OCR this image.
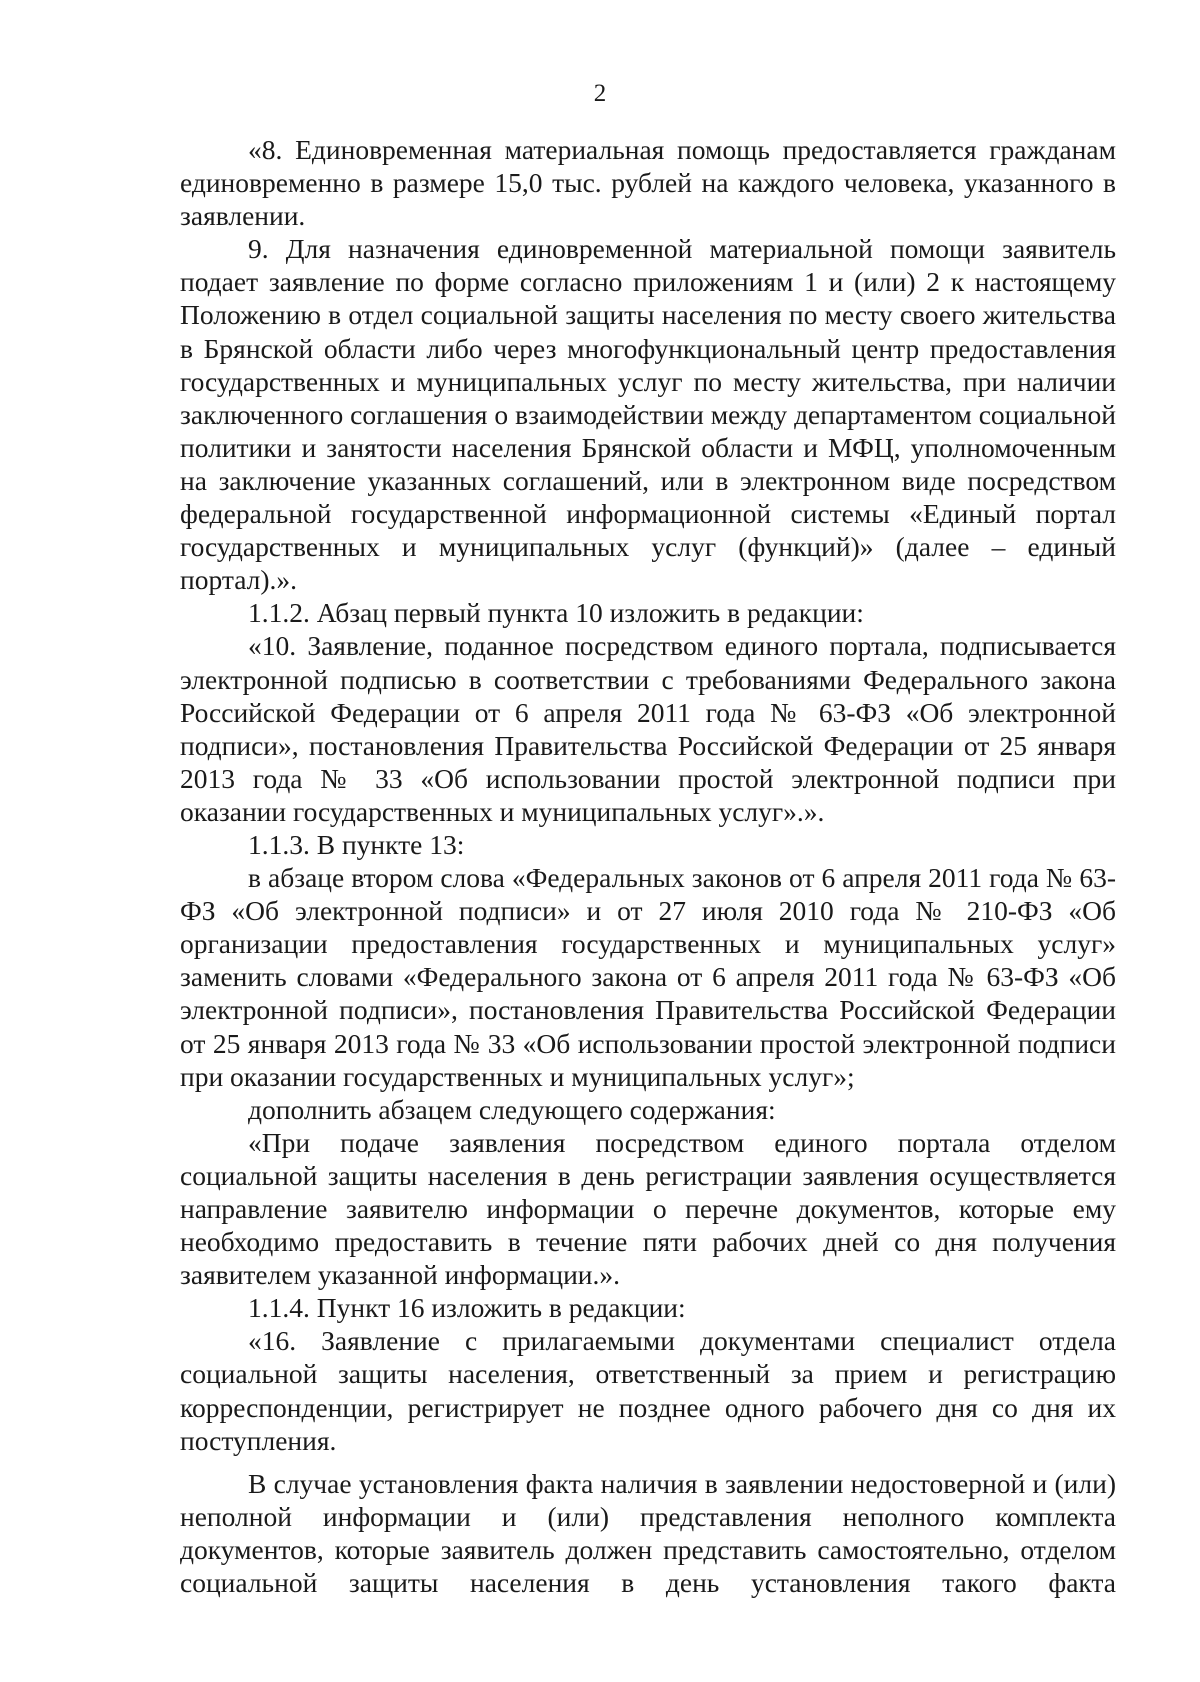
2

«8. Единовременная материальная помощь предоставляется гражданам единовременно в размере 15,0 тыс. рублей на каждого человека, указанного в заявлении.

9. Для назначения единовременной материальной помощи заявитель подает заявление по форме согласно приложениям 1 и (или) 2 к настоящему Положению в отдел социальной защиты населения по месту своего жительства в Брянской области либо через многофункциональный центр предоставления государственных и муниципальных услуг по месту жительства, при наличии заключенного соглашения о взаимодействии между департаментом социальной политики и занятости населения Брянской области и МФЦ, уполномоченным на заключение указанных соглашений, или в электронном виде посредством федеральной государственной информационной системы «Единый портал государственных и муниципальных услуг (функций)» (далее – единый портал).».

1.1.2. Абзац первый пункта 10 изложить в редакции:

«10. Заявление, поданное посредством единого портала, подписывается электронной подписью в соответствии с требованиями Федерального закона Российской Федерации от 6 апреля 2011 года № 63-ФЗ «Об электронной подписи», постановления Правительства Российской Федерации от 25 января 2013 года № 33 «Об использовании простой электронной подписи при оказании государственных и муниципальных услуг».».

1.1.3. В пункте 13:

в абзаце втором слова «Федеральных законов от 6 апреля 2011 года № 63-ФЗ «Об электронной подписи» и от 27 июля 2010 года № 210-ФЗ «Об организации предоставления государственных и муниципальных услуг» заменить словами «Федерального закона от 6 апреля 2011 года № 63-ФЗ «Об электронной подписи», постановления Правительства Российской Федерации от 25 января 2013 года № 33 «Об использовании простой электронной подписи при оказании государственных и муниципальных услуг»;

дополнить абзацем следующего содержания:

«При подаче заявления посредством единого портала отделом социальной защиты населения в день регистрации заявления осуществляется направление заявителю информации о перечне документов, которые ему необходимо предоставить в течение пяти рабочих дней со дня получения заявителем указанной информации.».

1.1.4. Пункт 16 изложить в редакции:

«16. Заявление с прилагаемыми документами специалист отдела социальной защиты населения, ответственный за прием и регистрацию корреспонденции, регистрирует не позднее одного рабочего дня со дня их поступления.

В случае установления факта наличия в заявлении недостоверной и (или) неполной информации и (или) представления неполного комплекта документов, которые заявитель должен представить самостоятельно, отделом социальной защиты населения в день установления такого факта
